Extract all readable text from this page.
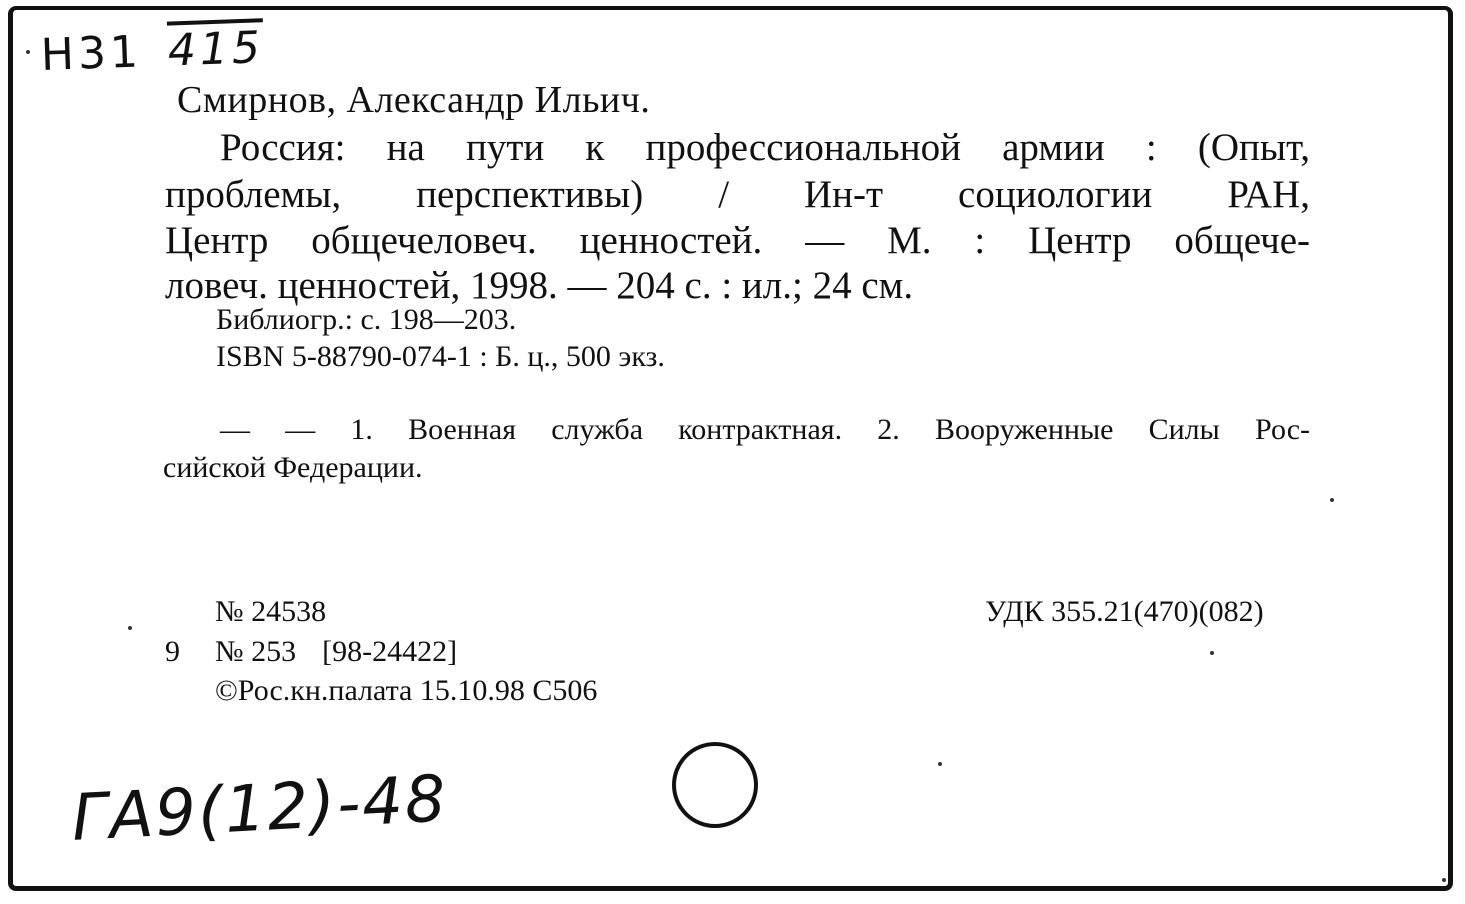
Н31 415
Смирнов, Александр Ильич.
Россия: на пути к профессиональной армии : (Опыт,
проблемы, перспективы) / Ин-т социологии РАН,
Центр общечеловеч. ценностей. — М. : Центр общече-
ловеч. ценностей, 1998. — 204 с. : ил.; 24 см.
Библиогр.: с. 198—203.
ISBN 5-88790-074-1 : Б. ц., 500 экз.
— — 1. Военная служба контрактная. 2. Вооруженные Силы Рос-
сийской Федерации.
№ 24538	УДК 355.21(470)(082)
9 № 253 [98-24422]
©Рос.кн.палата 15.10.98 С506
ГА9(12)-48
